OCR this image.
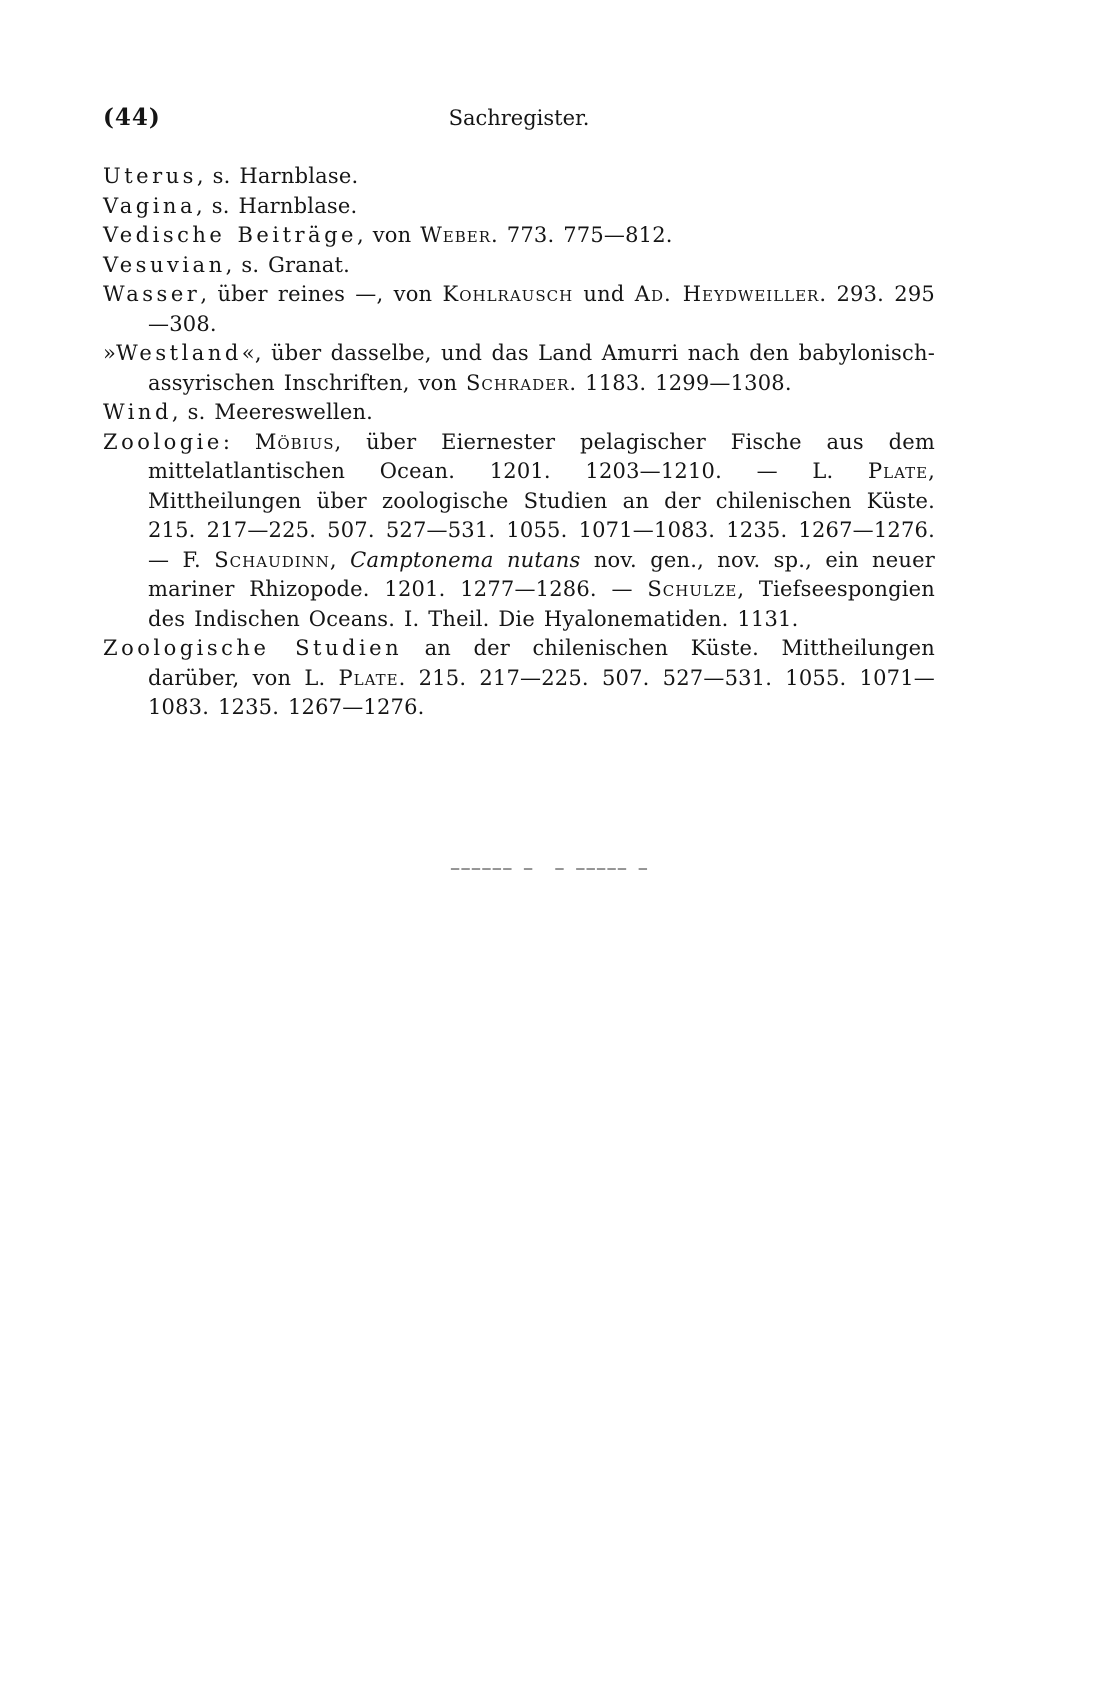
(44)	Sachregister.
Uterus, s. Harnblase.
Vagina, s. Harnblase.
Vedische Beiträge, von Weber. 773. 775—812.
Vesuvian, s. Granat.
Wasser, über reines —, von Kohlrausch und Ad. Heydweiller. 293. 295—308.
»Westland«, über dasselbe, und das Land Amurri nach den babylonisch-assyrischen Inschriften, von Schrader. 1183. 1299—1308.
Wind, s. Meereswellen.
Zoologie: Möbius, über Eiernester pelagischer Fische aus dem mittelatlantischen Ocean. 1201. 1203—1210. — L. Plate, Mittheilungen über zoologische Studien an der chilenischen Küste. 215. 217—225. 507. 527—531. 1055. 1071—1083. 1235. 1267—1276. — F. Schaudinn, Camptonema nutans nov. gen., nov. sp., ein neuer mariner Rhizopode. 1201. 1277—1286. — Schulze, Tiefseespongien des Indischen Oceans. I. Theil. Die Hyalonematiden. 1131.
Zoologische Studien an der chilenischen Küste. Mittheilungen darüber, von L. Plate. 215. 217—225. 507. 527—531. 1055. 1071—1083. 1235. 1267—1276.
—————— –  — ————– –
